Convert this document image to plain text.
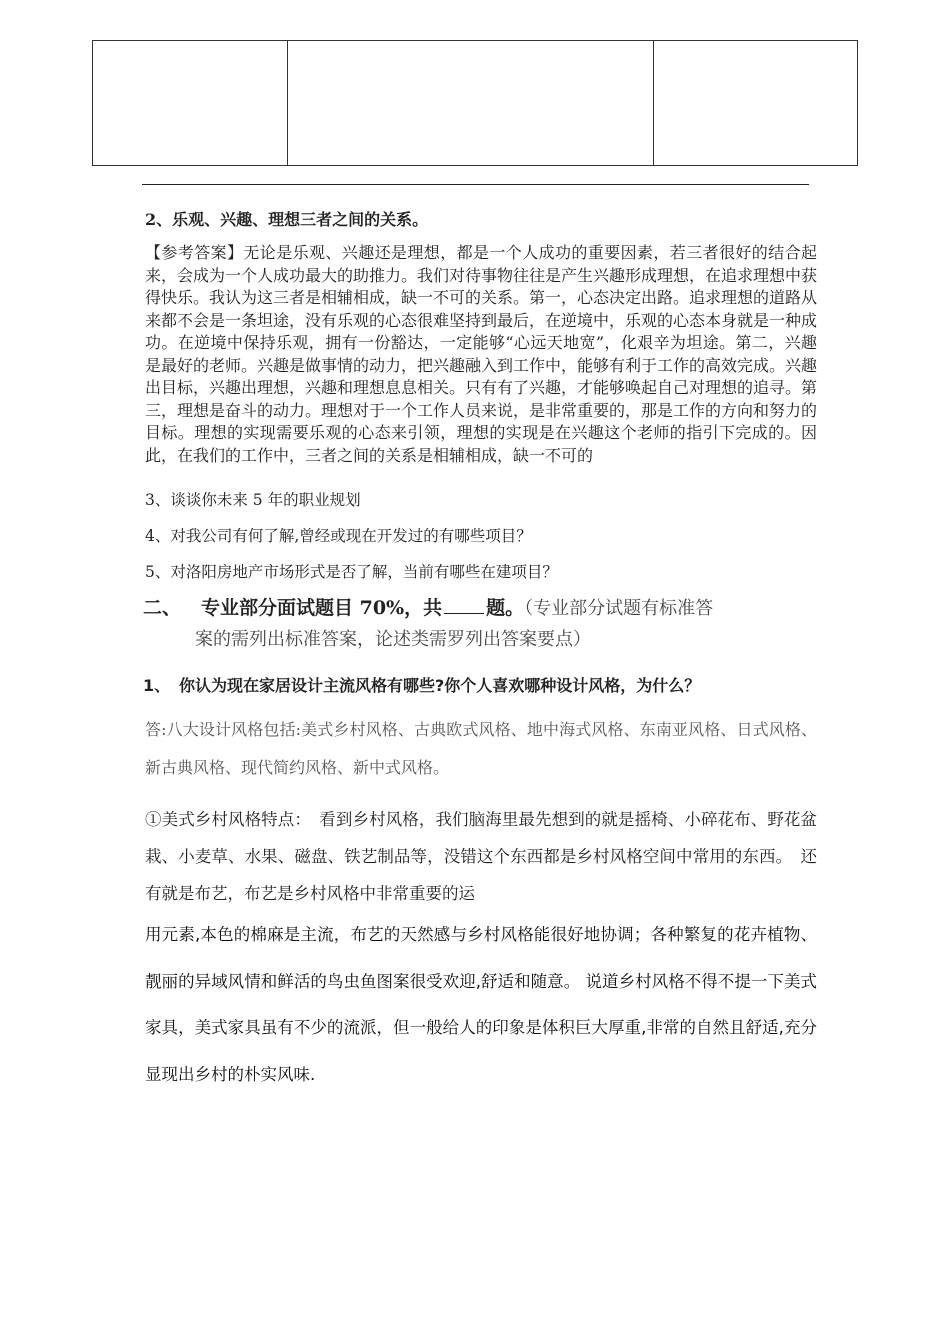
2、乐观、兴趣、理想三者之间的关系。

【参考答案】无论是乐观、兴趣还是理想，都是一个人成功的重要因素，若三者很好的结合起来，会成为一个人成功最大的助推力。我们对待事物往往是产生兴趣形成理想，在追求理想中获得快乐。我认为这三者是相辅相成，缺一不可的关系。第一，心态决定出路。追求理想的道路从来都不会是一条坦途，没有乐观的心态很难坚持到最后，在逆境中，乐观的心态本身就是一种成功。在逆境中保持乐观，拥有一份豁达，一定能够“心远天地宽”，化艰辛为坦途。第二，兴趣是最好的老师。兴趣是做事情的动力，把兴趣融入到工作中，能够有利于工作的高效完成。兴趣出目标，兴趣出理想，兴趣和理想息息相关。只有有了兴趣，才能够唤起自己对理想的追寻。第三，理想是奋斗的动力。理想对于一个工作人员来说，是非常重要的，那是工作的方向和努力的目标。理想的实现需要乐观的心态来引领，理想的实现是在兴趣这个老师的指引下完成的。因此，在我们的工作中，三者之间的关系是相辅相成，缺一不可的

3、谈谈你未来 5 年的职业规划

4、对我公司有何了解,曾经或现在开发过的有哪些项目？

5、对洛阳房地产市场形式是否了解，当前有哪些在建项目？

二、 专业部分面试题目 70%，共 题。（专业部分试题有标准答
案的需列出标准答案，论述类需罗列出答案要点）

1、 你认为现在家居设计主流风格有哪些?你个人喜欢哪种设计风格，为什么？

答:八大设计风格包括:美式乡村风格、古典欧式风格、地中海式风格、东南亚风格、日式风格、新古典风格、现代简约风格、新中式风格。

①美式乡村风格特点：　看到乡村风格，我们脑海里最先想到的就是摇椅、小碎花布、野花盆栽、小麦草、水果、磁盘、铁艺制品等，没错这个东西都是乡村风格空间中常用的东西。　还有就是布艺，布艺是乡村风格中非常重要的运

用元素,本色的棉麻是主流，布艺的天然感与乡村风格能很好地协调；各种繁复的花卉植物、靓丽的异域风情和鲜活的鸟虫鱼图案很受欢迎,舒适和随意。 说道乡村风格不得不提一下美式家具，美式家具虽有不少的流派，但一般给人的印象是体积巨大厚重,非常的自然且舒适,充分显现出乡村的朴实风味.
